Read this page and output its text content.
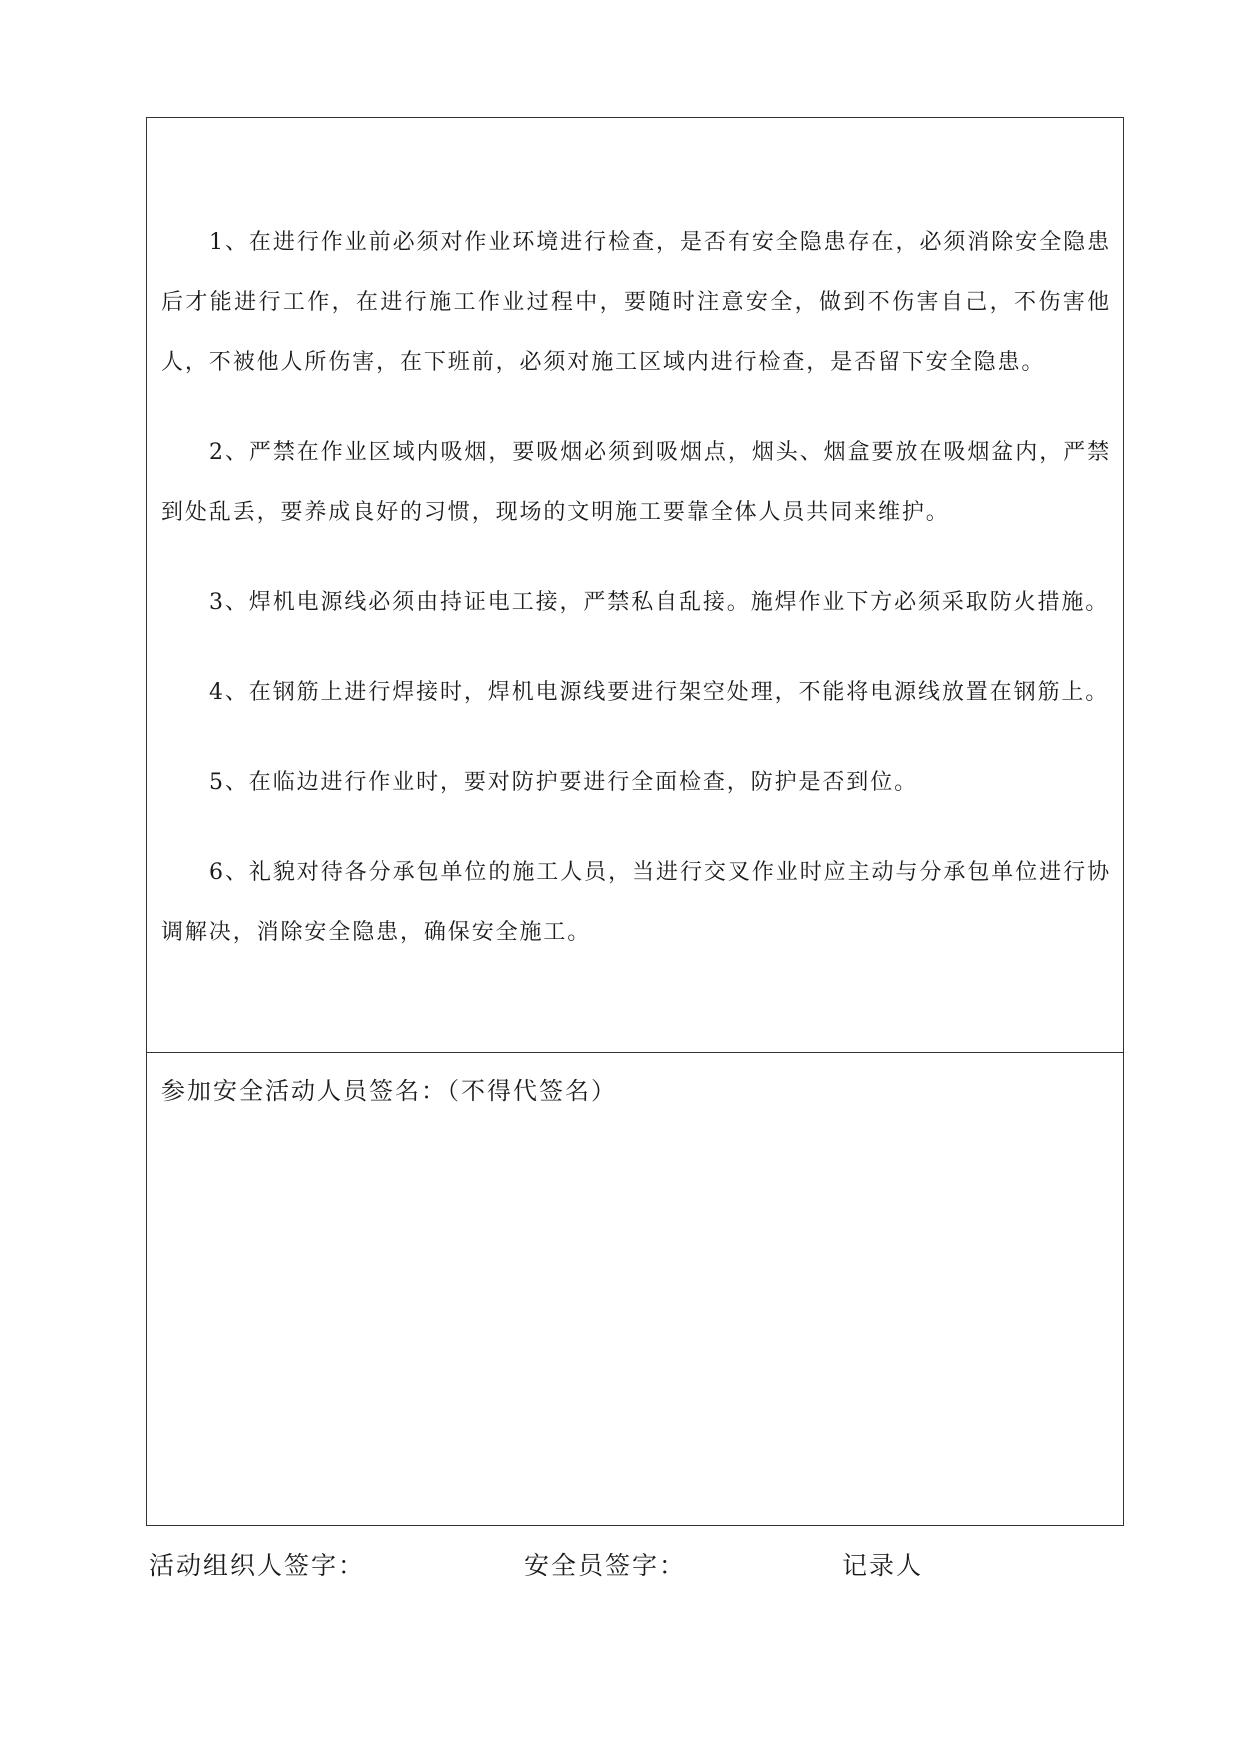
1、在进行作业前必须对作业环境进行检查，是否有安全隐患存在，必须消除安全隐患后才能进行工作，在进行施工作业过程中，要随时注意安全，做到不伤害自己，不伤害他人，不被他人所伤害，在下班前，必须对施工区域内进行检查，是否留下安全隐患。

2、严禁在作业区域内吸烟，要吸烟必须到吸烟点，烟头、烟盒要放在吸烟盆内，严禁到处乱丢，要养成良好的习惯，现场的文明施工要靠全体人员共同来维护。

3、焊机电源线必须由持证电工接，严禁私自乱接。施焊作业下方必须采取防火措施。

4、在钢筋上进行焊接时，焊机电源线要进行架空处理，不能将电源线放置在钢筋上。

5、在临边进行作业时，要对防护要进行全面检查，防护是否到位。

6、礼貌对待各分承包单位的施工人员，当进行交叉作业时应主动与分承包单位进行协调解决，消除安全隐患，确保安全施工。

参加安全活动人员签名：（不得代签名）
活动组织人签字：	安全员签字：	记录人
